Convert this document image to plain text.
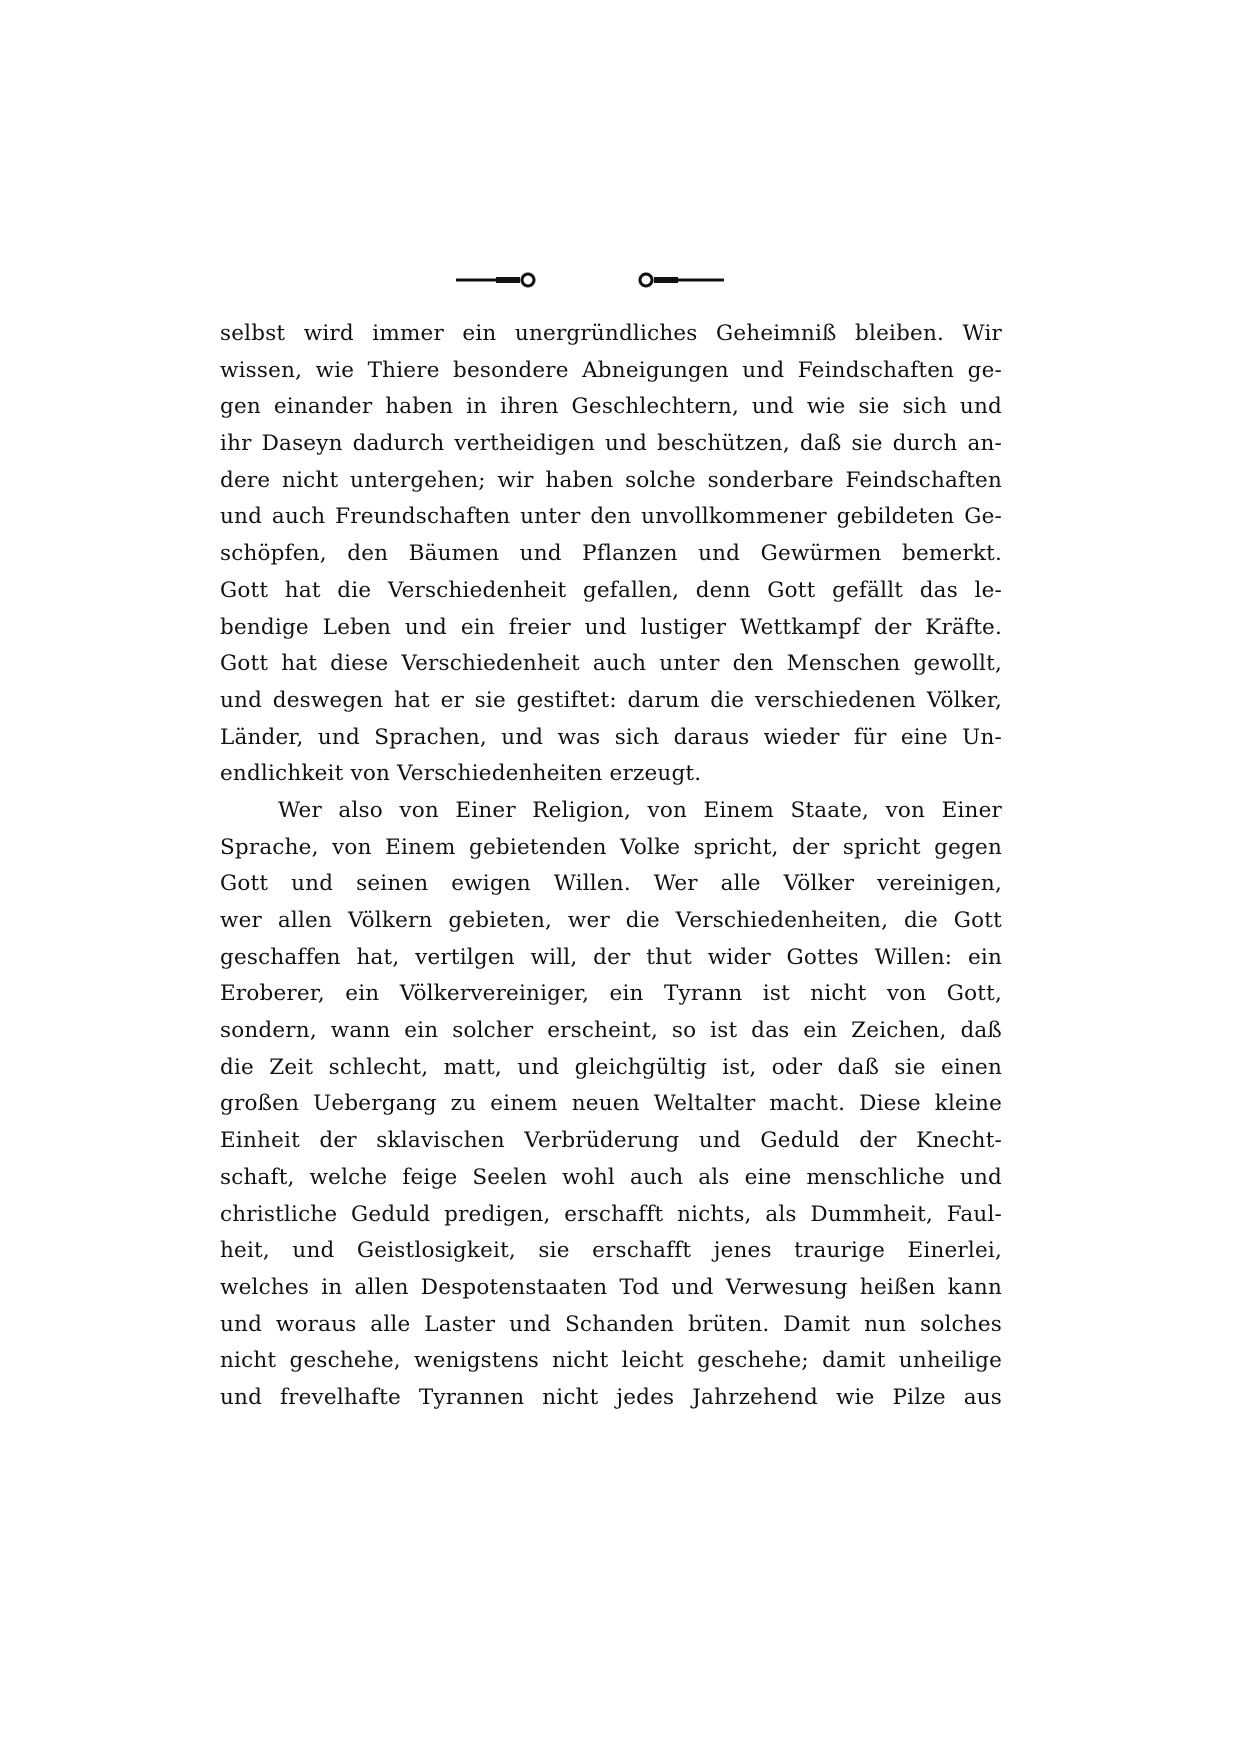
selbst wird immer ein unergründliches Geheimniß bleiben. Wir
wissen, wie Thiere besondere Abneigungen und Feindschaften ge-
gen einander haben in ihren Geschlechtern, und wie sie sich und
ihr Daseyn dadurch vertheidigen und beschützen, daß sie durch an-
dere nicht untergehen; wir haben solche sonderbare Feindschaften
und auch Freundschaften unter den unvollkommener gebildeten Ge-
schöpfen, den Bäumen und Pflanzen und Gewürmen bemerkt.
Gott hat die Verschiedenheit gefallen, denn Gott gefällt das le-
bendige Leben und ein freier und lustiger Wettkampf der Kräfte.
Gott hat diese Verschiedenheit auch unter den Menschen gewollt,
und deswegen hat er sie gestiftet: darum die verschiedenen Völker,
Länder, und Sprachen, und was sich daraus wieder für eine Un-
endlichkeit von Verschiedenheiten erzeugt.
Wer also von Einer Religion, von Einem Staate, von Einer
Sprache, von Einem gebietenden Volke spricht, der spricht gegen
Gott und seinen ewigen Willen. Wer alle Völker vereinigen,
wer allen Völkern gebieten, wer die Verschiedenheiten, die Gott
geschaffen hat, vertilgen will, der thut wider Gottes Willen: ein
Eroberer, ein Völkervereiniger, ein Tyrann ist nicht von Gott,
sondern, wann ein solcher erscheint, so ist das ein Zeichen, daß
die Zeit schlecht, matt, und gleichgültig ist, oder daß sie einen
großen Uebergang zu einem neuen Weltalter macht. Diese kleine
Einheit der sklavischen Verbrüderung und Geduld der Knecht-
schaft, welche feige Seelen wohl auch als eine menschliche und
christliche Geduld predigen, erschafft nichts, als Dummheit, Faul-
heit, und Geistlosigkeit, sie erschafft jenes traurige Einerlei,
welches in allen Despotenstaaten Tod und Verwesung heißen kann
und woraus alle Laster und Schanden brüten. Damit nun solches
nicht geschehe, wenigstens nicht leicht geschehe; damit unheilige
und frevelhafte Tyrannen nicht jedes Jahrzehend wie Pilze aus
